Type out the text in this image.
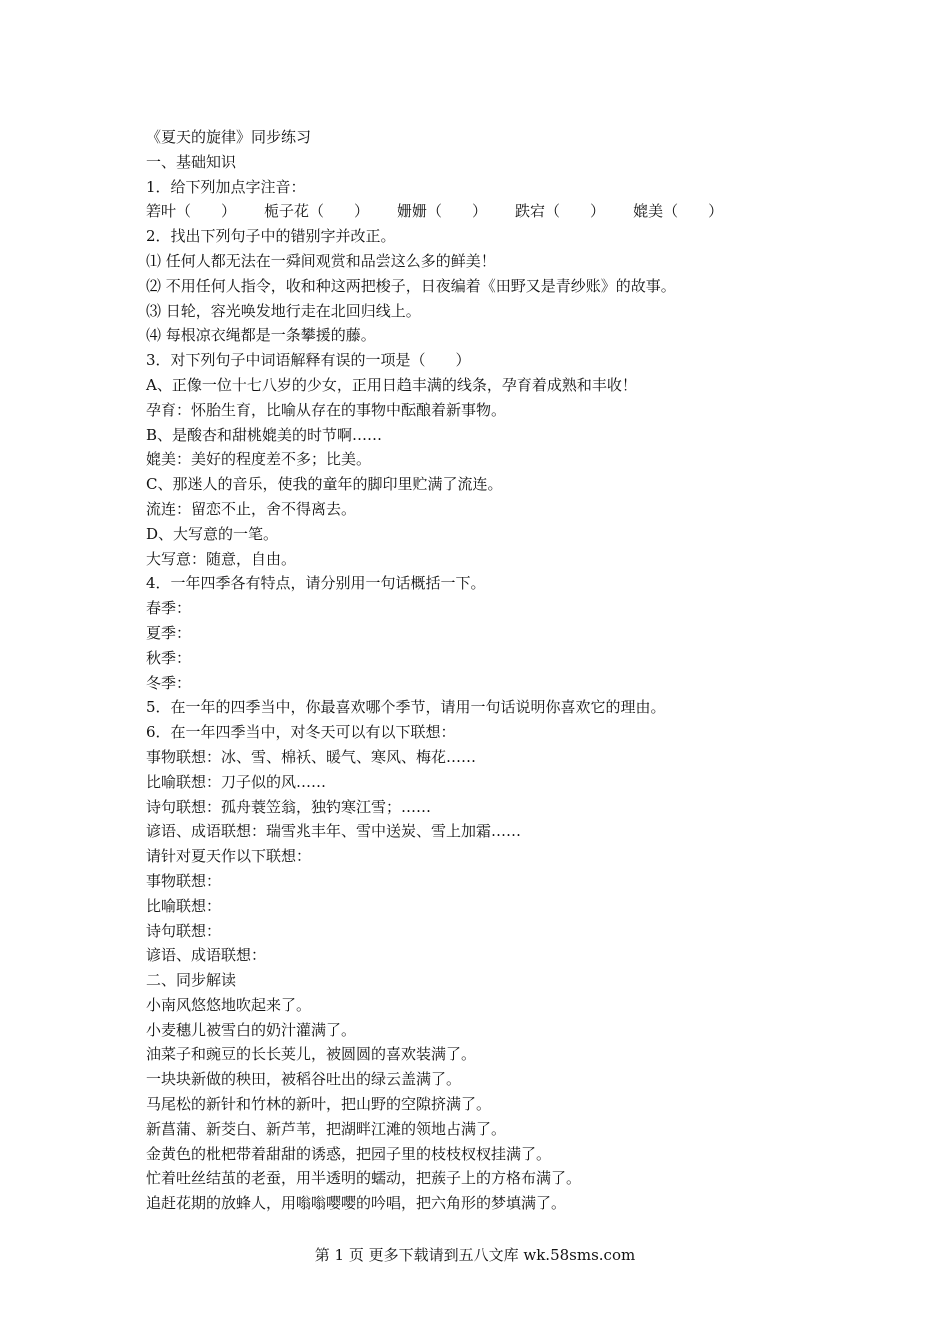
《夏天的旋律》同步练习
一、基础知识
1．给下列加点字注音：
箬叶（　　） 栀子花（　　） 姗姗（　　） 跌宕（　　） 媲美（　　）
2．找出下列句子中的错别字并改正。
⑴ 任何人都无法在一舜间观赏和品尝这么多的鲜美！
⑵ 不用任何人指令，收和种这两把梭子，日夜编着《田野又是青纱账》的故事。
⑶ 日轮，容光唤发地行走在北回归线上。
⑷ 每根凉衣绳都是一条攀援的藤。
3．对下列句子中词语解释有误的一项是（　　）
A、正像一位十七八岁的少女，正用日趋丰满的线条，孕育着成熟和丰收！
孕育：怀胎生育，比喻从存在的事物中酝酿着新事物。
B、是酸杏和甜桃媲美的时节啊……
媲美：美好的程度差不多；比美。
C、那迷人的音乐，使我的童年的脚印里贮满了流连。
流连：留恋不止，舍不得离去。
D、大写意的一笔。
大写意：随意，自由。
4．一年四季各有特点，请分别用一句话概括一下。
春季：
夏季：
秋季：
冬季：
5．在一年的四季当中，你最喜欢哪个季节，请用一句话说明你喜欢它的理由。
6．在一年四季当中，对冬天可以有以下联想：
事物联想：冰、雪、棉袄、暖气、寒风、梅花……
比喻联想：刀子似的风……
诗句联想：孤舟蓑笠翁，独钓寒江雪；……
谚语、成语联想：瑞雪兆丰年、雪中送炭、雪上加霜……
请针对夏天作以下联想：
事物联想：
比喻联想：
诗句联想：
谚语、成语联想：
二、同步解读
小南风悠悠地吹起来了。
小麦穗儿被雪白的奶汁灌满了。
油菜子和豌豆的长长荚儿，被圆圆的喜欢装满了。
一块块新做的秧田，被稻谷吐出的绿云盖满了。
马尾松的新针和竹林的新叶，把山野的空隙挤满了。
新菖蒲、新茭白、新芦苇，把湖畔江滩的领地占满了。
金黄色的枇杷带着甜甜的诱惑，把园子里的枝枝杈杈挂满了。
忙着吐丝结茧的老蚕，用半透明的蠕动，把蔟子上的方格布满了。
追赶花期的放蜂人，用嗡嗡嘤嘤的吟唱，把六角形的梦填满了。
第 1 页 更多下载请到五八文库 wk.58sms.com
